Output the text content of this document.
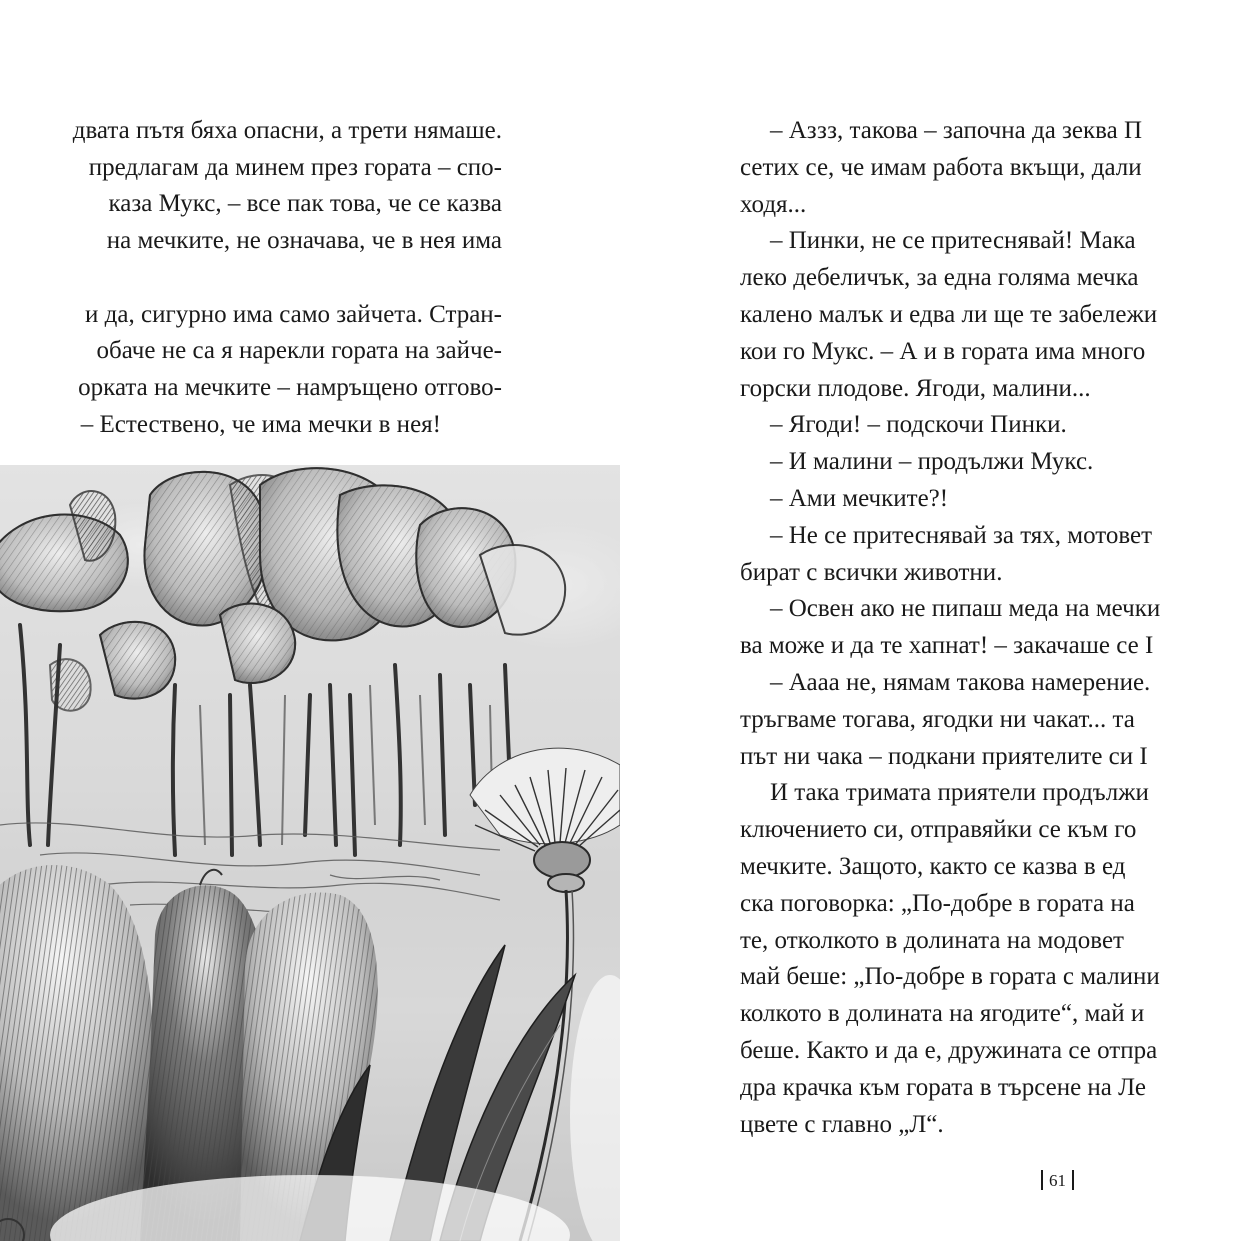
двата пътя бяха опасни, а трети нямаше.
предлагам да минем през гората – спо-
каза Мукс, – все пак това, че се казва
на мечките, не означава, че в нея има
и да, сигурно има само зайчета. Стран-
обаче не са я нарекли гората на зайче-
орката на мечките – намръщено отгово-
– Естествено, че има мечки в нея!
– Аззз, такова – започна да зеква П
сетих се, че имам работа вкъщи, дали
ходя...
– Пинки, не се притеснявай! Мака
леко дебеличък, за една голяма мечка
калено малък и едва ли ще те забележи
кои го Мукс. – А и в гората има много
горски плодове. Ягоди, малини...
– Ягоди! – подскочи Пинки.
– И малини – продължи Мукс.
– Ами мечките?!
– Не се притеснявай за тях, мотовет
бират с всички животни.
– Освен ако не пипаш меда на мечки
ва може и да те хапнат! – закачаше се I
– Аааа не, нямам такова намерение.
тръгваме тогава, ягодки ни чакат... та
път ни чака – подкани приятелите си I
И така тримата приятели продължи
ключението си, отправяйки се към го
мечките. Защото, както се казва в ед
ска поговорка: „По-добре в гората на
те, отколкото в долината на модовет
май беше: „По-добре в гората с малини
колкото в долината на ягодите“, май и
беше. Както и да е, дружината се отпра
дра крачка към гората в търсене на Ле
цвете с главно „Л“.
61
